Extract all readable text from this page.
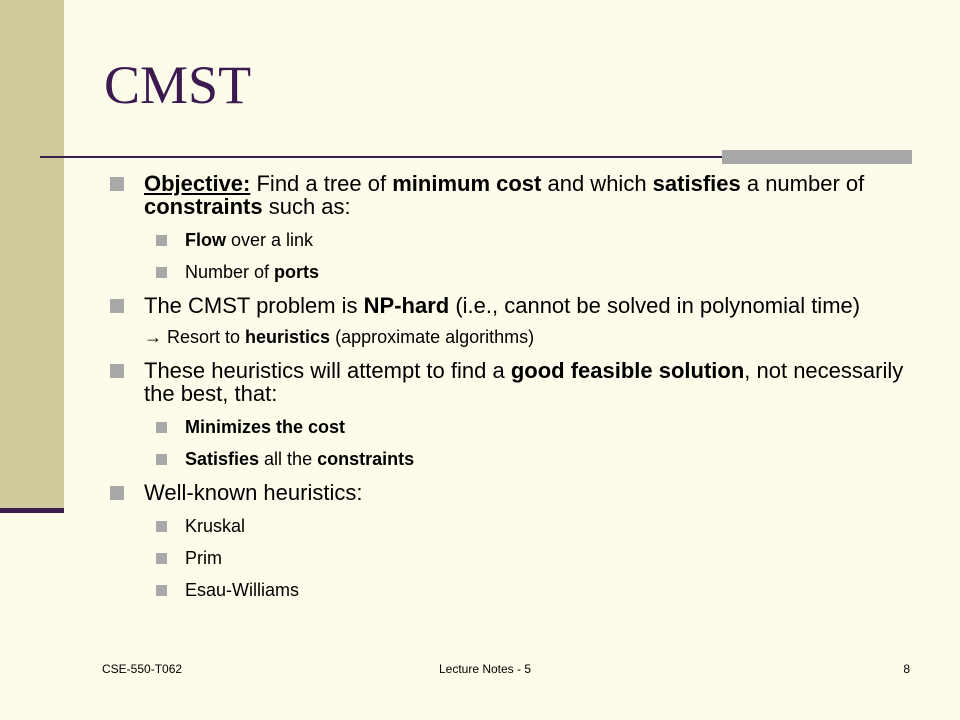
CMST
Objective: Find a tree of minimum cost and which satisfies a number of constraints such as:
Flow over a link
Number of ports
The CMST problem is NP-hard (i.e., cannot be solved in polynomial time)
→ Resort to heuristics (approximate algorithms)
These heuristics will attempt to find a good feasible solution, not necessarily the best, that:
Minimizes the cost
Satisfies all the constraints
Well-known heuristics:
Kruskal
Prim
Esau-Williams
CSE-550-T062	Lecture Notes - 5	8
